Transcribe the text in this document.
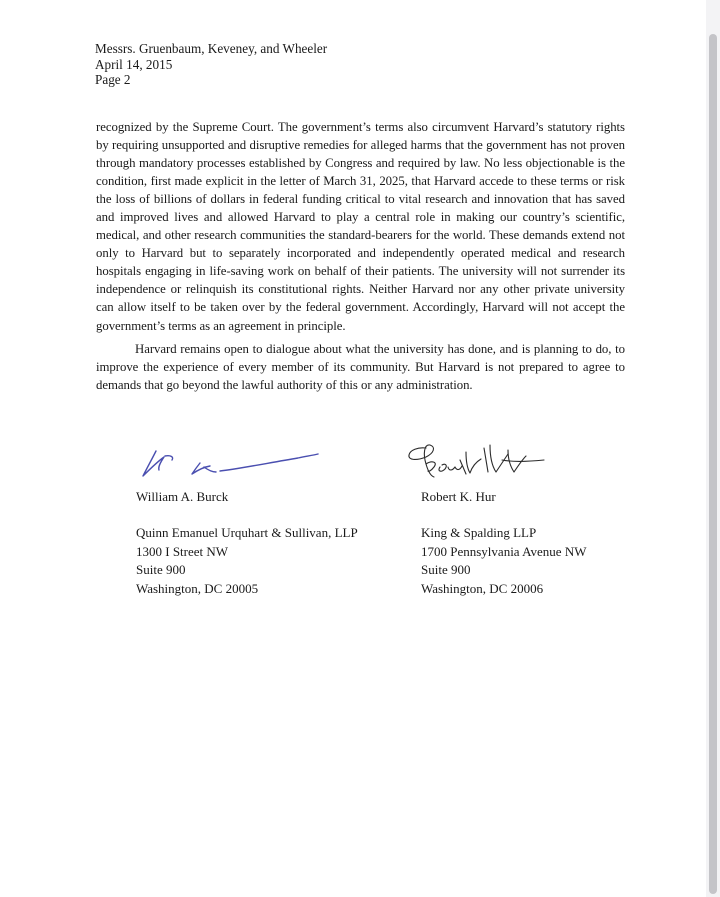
Messrs. Gruenbaum, Keveney, and Wheeler
April 14, 2015
Page 2

recognized by the Supreme Court. The government’s terms also circumvent Harvard’s statutory rights by requiring unsupported and disruptive remedies for alleged harms that the government has not proven through mandatory processes established by Congress and required by law. No less objectionable is the condition, first made explicit in the letter of March 31, 2025, that Harvard accede to these terms or risk the loss of billions of dollars in federal funding critical to vital research and innovation that has saved and improved lives and allowed Harvard to play a central role in making our country’s scientific, medical, and other research communities the standard-bearers for the world. These demands extend not only to Harvard but to separately incorporated and independently operated medical and research hospitals engaging in life-saving work on behalf of their patients. The university will not surrender its independence or relinquish its constitutional rights. Neither Harvard nor any other private university can allow itself to be taken over by the federal government. Accordingly, Harvard will not accept the government’s terms as an agreement in principle.

Harvard remains open to dialogue about what the university has done, and is planning to do, to improve the experience of every member of its community. But Harvard is not prepared to agree to demands that go beyond the lawful authority of this or any administration.

William A. Burck
Quinn Emanuel Urquhart & Sullivan, LLP
1300 I Street NW
Suite 900
Washington, DC 20005
Robert K. Hur
King & Spalding LLP
1700 Pennsylvania Avenue NW
Suite 900
Washington, DC 20006
